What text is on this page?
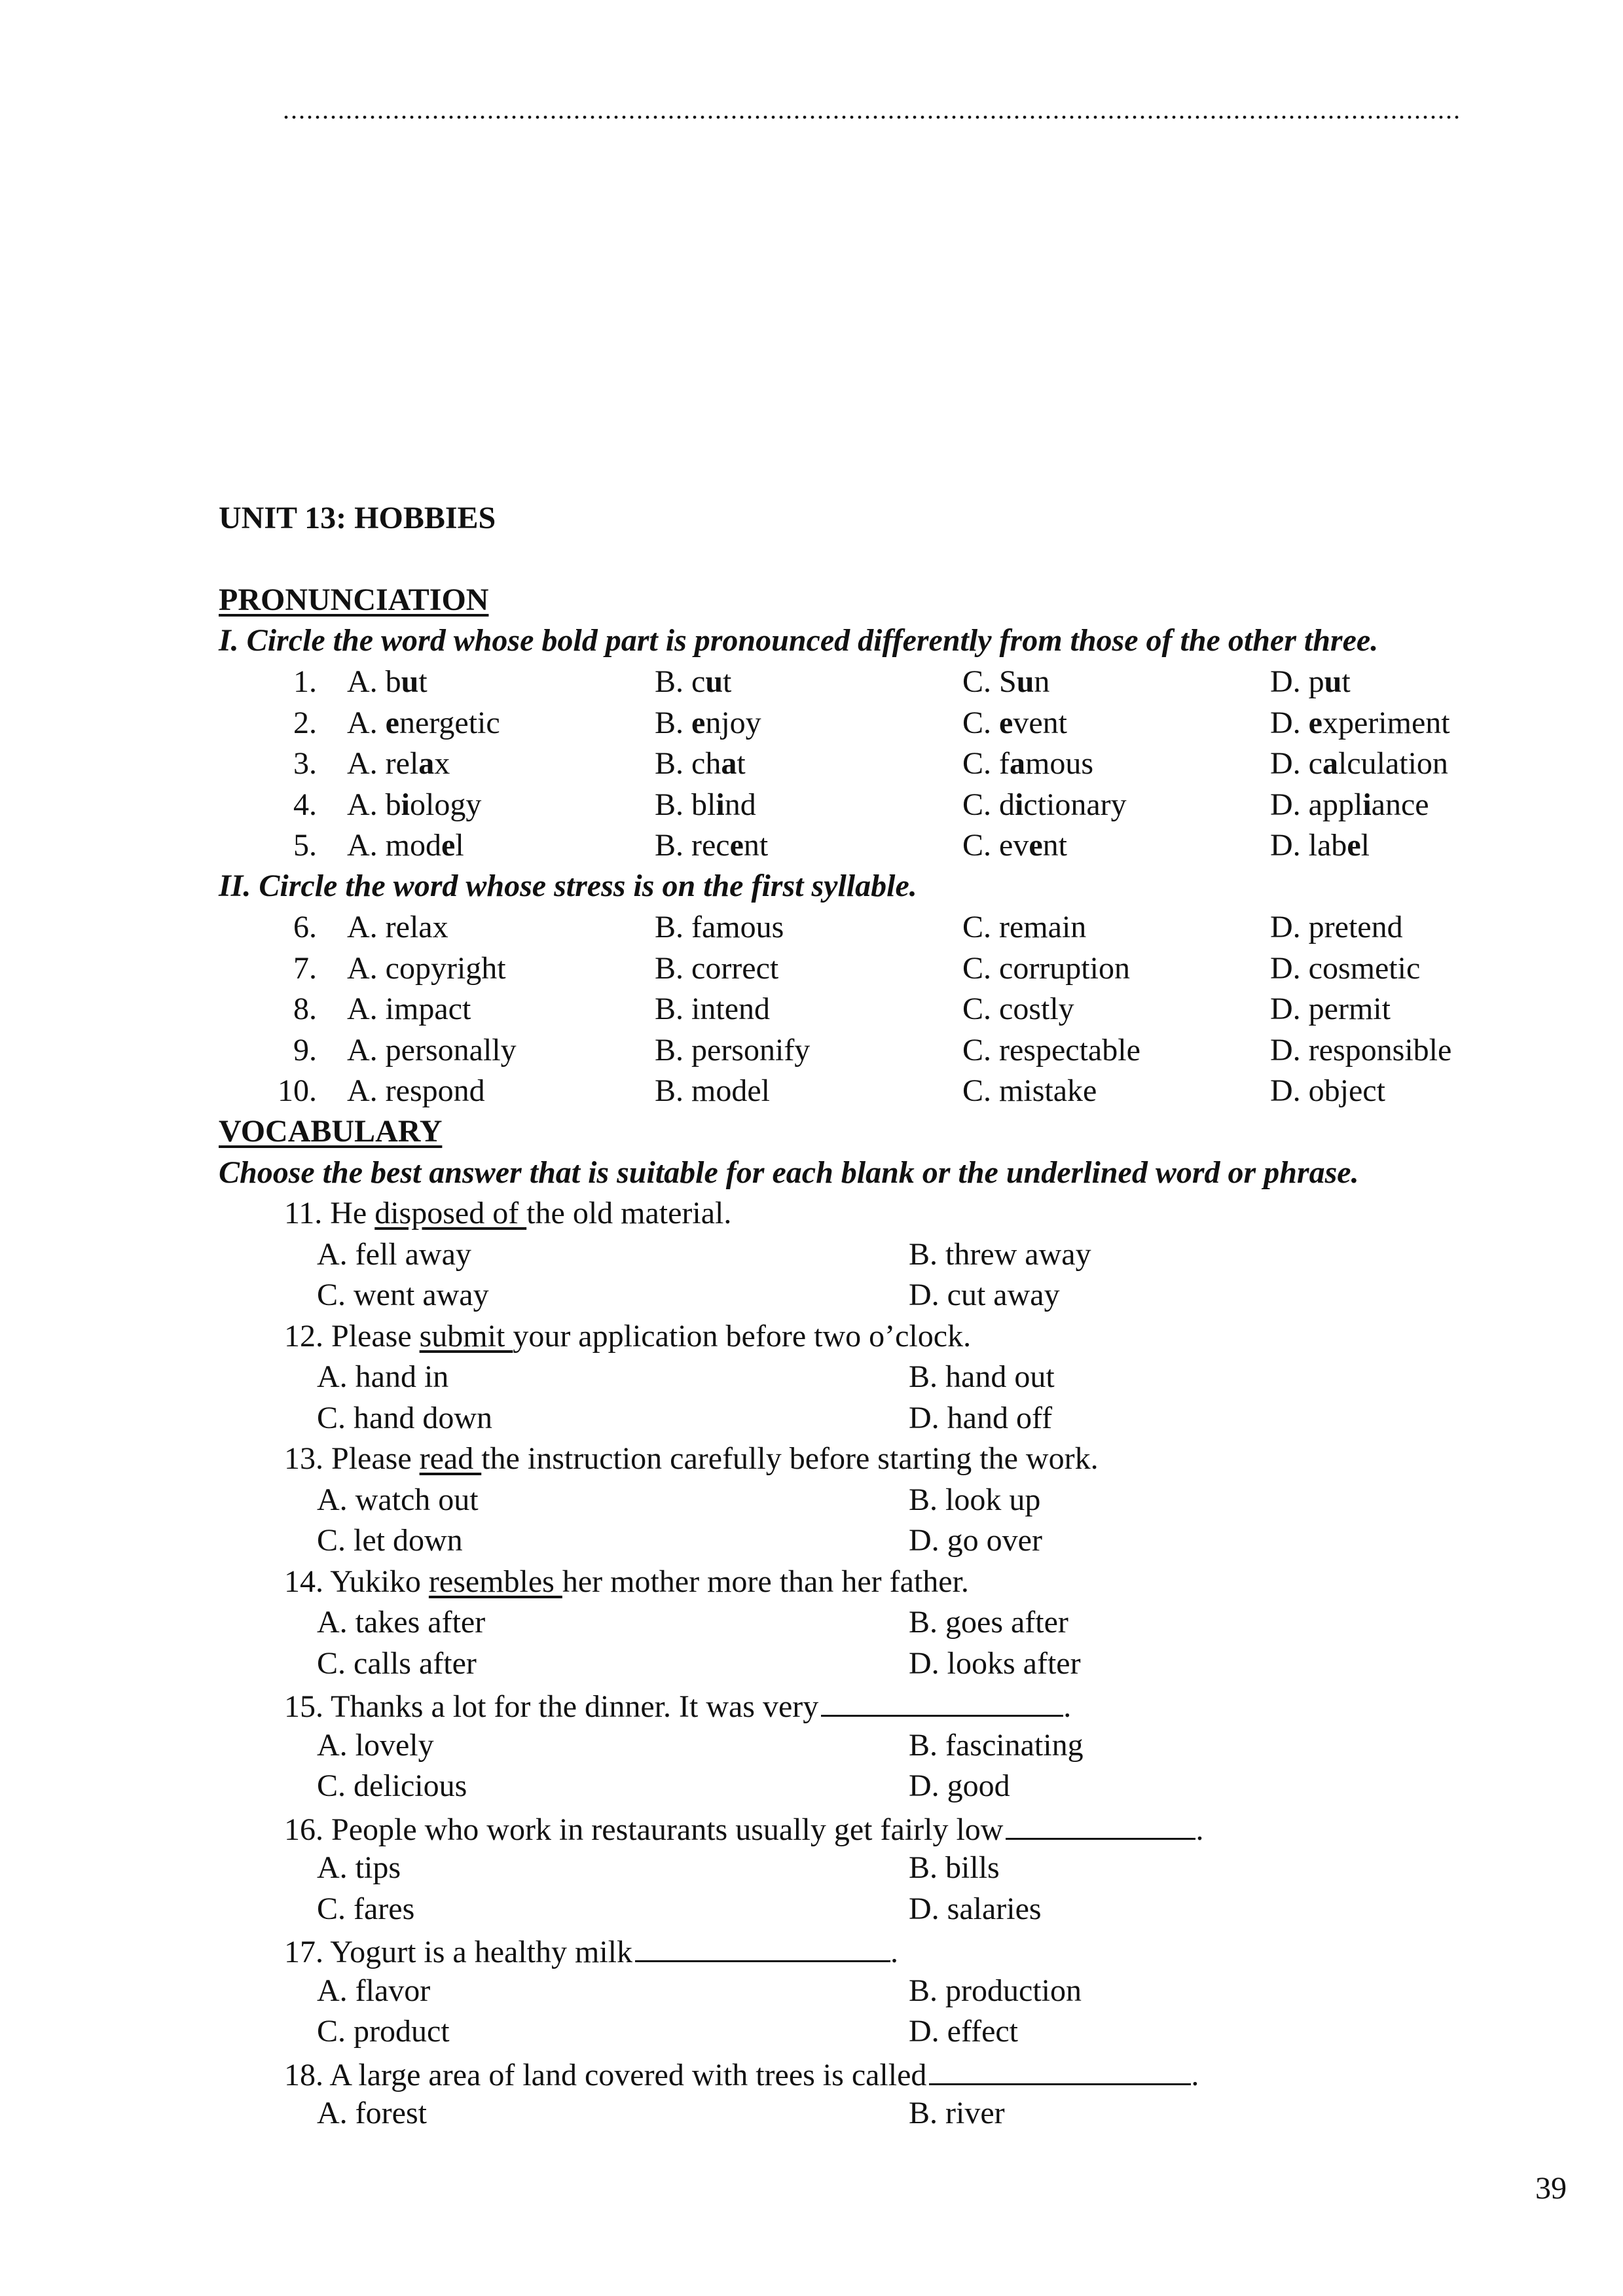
......................................................................................................................................................
UNIT 13: HOBBIES
PRONUNCIATION
I. Circle the word whose bold part is pronounced differently from those of the other three.
II. Circle the word whose stress is on the first syllable.
VOCABULARY
Choose the best answer that is suitable for each blank or the underlined word or phrase.
39
1. A. but	B. cut	C. Sun	D. put
2. A. energetic	B. enjoy	C. event	D. experiment
3. A. relax	B. chat	C. famous	D. calculation
4. A. biology	B. blind	C. dictionary	D. appliance
5. A. model	B. recent	C. event	D. label
6. A. relax	B. famous	C. remain	D. pretend
7. A. copyright	B. correct	C. corruption	D. cosmetic
8. A. impact	B. intend	C. costly	D. permit
9. A. personally	B. personify	C. respectable	D. responsible
10. A. respond	B. model	C. mistake	D. object
11. He disposed of the old material.
A. fell away	B. threw away
C. went away	D. cut away
12. Please submit your application before two o’clock.
A. hand in	B. hand out
C. hand down	D. hand off
13. Please read the instruction carefully before starting the work.
A. watch out	B. look up
C. let down	D. go over
14. Yukiko resembles her mother more than her father.
A. takes after	B. goes after
C. calls after	D. looks after
15. Thanks a lot for the dinner. It was very	.
A. lovely	B. fascinating
C. delicious	D. good
16. People who work in restaurants usually get fairly low	.
A. tips	B. bills
C. fares	D. salaries
17. Yogurt is a healthy milk	.
A. flavor	B. production
C. product	D. effect
18. A large area of land covered with trees is called	.
A. forest	B. river
